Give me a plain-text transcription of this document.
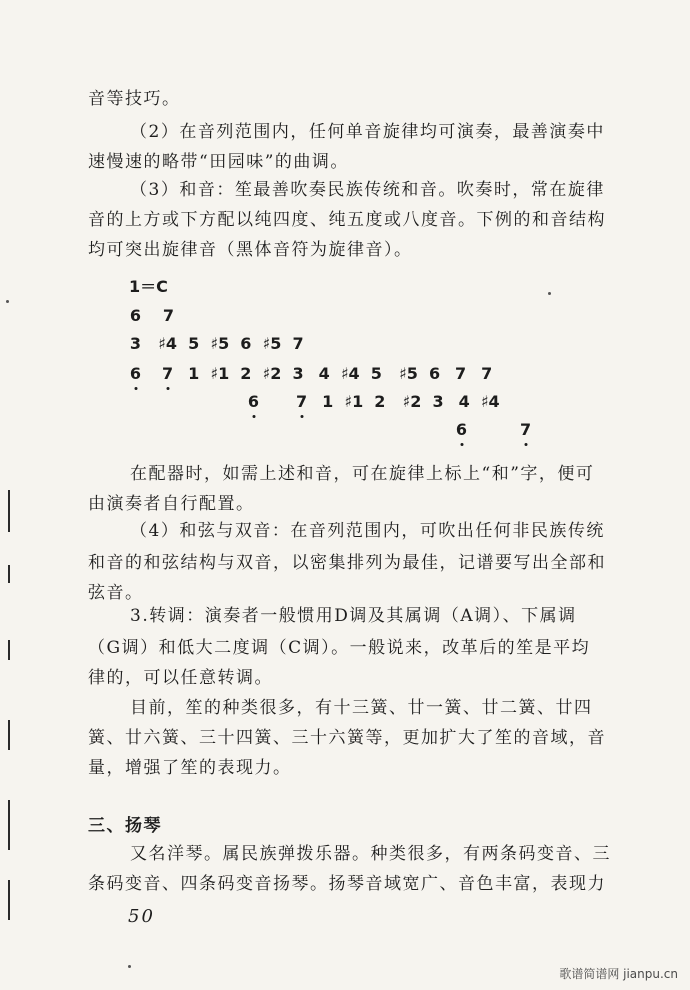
音等技巧。
（2）在音列范围内，任何单音旋律均可演奏，最善演奏中
速慢速的略带“田园味”的曲调。
（3）和音：笙最善吹奏民族传统和音。吹奏时，常在旋律
音的上方或下方配以纯四度、纯五度或八度音。下例的和音结构
均可突出旋律音（黑体音符为旋律音）。
1＝C
6 7
3 ♯4 5 ♯5 6 ♯5 7
6 7 1 ♯1 2 ♯2 3 4 ♯4 5 ♯5 6 7 7
6 7 1 ♯1 2 ♯2 3 4 ♯4
6	7
在配器时，如需上述和音，可在旋律上标上“和”字，便可
由演奏者自行配置。
（4）和弦与双音：在音列范围内，可吹出任何非民族传统
和音的和弦结构与双音，以密集排列为最佳，记谱要写出全部和
弦音。
3.转调：演奏者一般惯用D调及其属调（A调）、下属调
（G调）和低大二度调（C调）。一般说来，改革后的笙是平均
律的，可以任意转调。
目前，笙的种类很多，有十三簧、廿一簧、廿二簧、廿四
簧、廿六簧、三十四簧、三十六簧等，更加扩大了笙的音域，音
量，增强了笙的表现力。
三、扬琴
又名洋琴。属民族弹拨乐器。种类很多，有两条码变音、三
条码变音、四条码变音扬琴。扬琴音域宽广、音色丰富，表现力
50
歌谱简谱网 jianpu.cn
